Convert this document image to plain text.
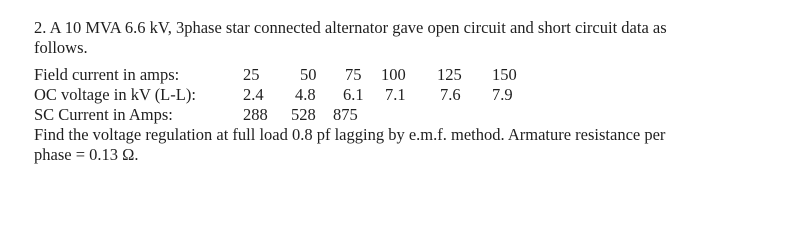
2. A 10 MVA 6.6 kV, 3phase star connected alternator gave open circuit and short circuit data as
follows.
Field current in amps:	25 50 75 100 125 150
OC voltage in kV (L-L):	2.4 4.8 6.1 7.1 7.6 7.9
SC Current in Amps:	288 528 875
Find the voltage regulation at full load 0.8 pf lagging by e.m.f. method. Armature resistance per
phase = 0.13 Ω.
